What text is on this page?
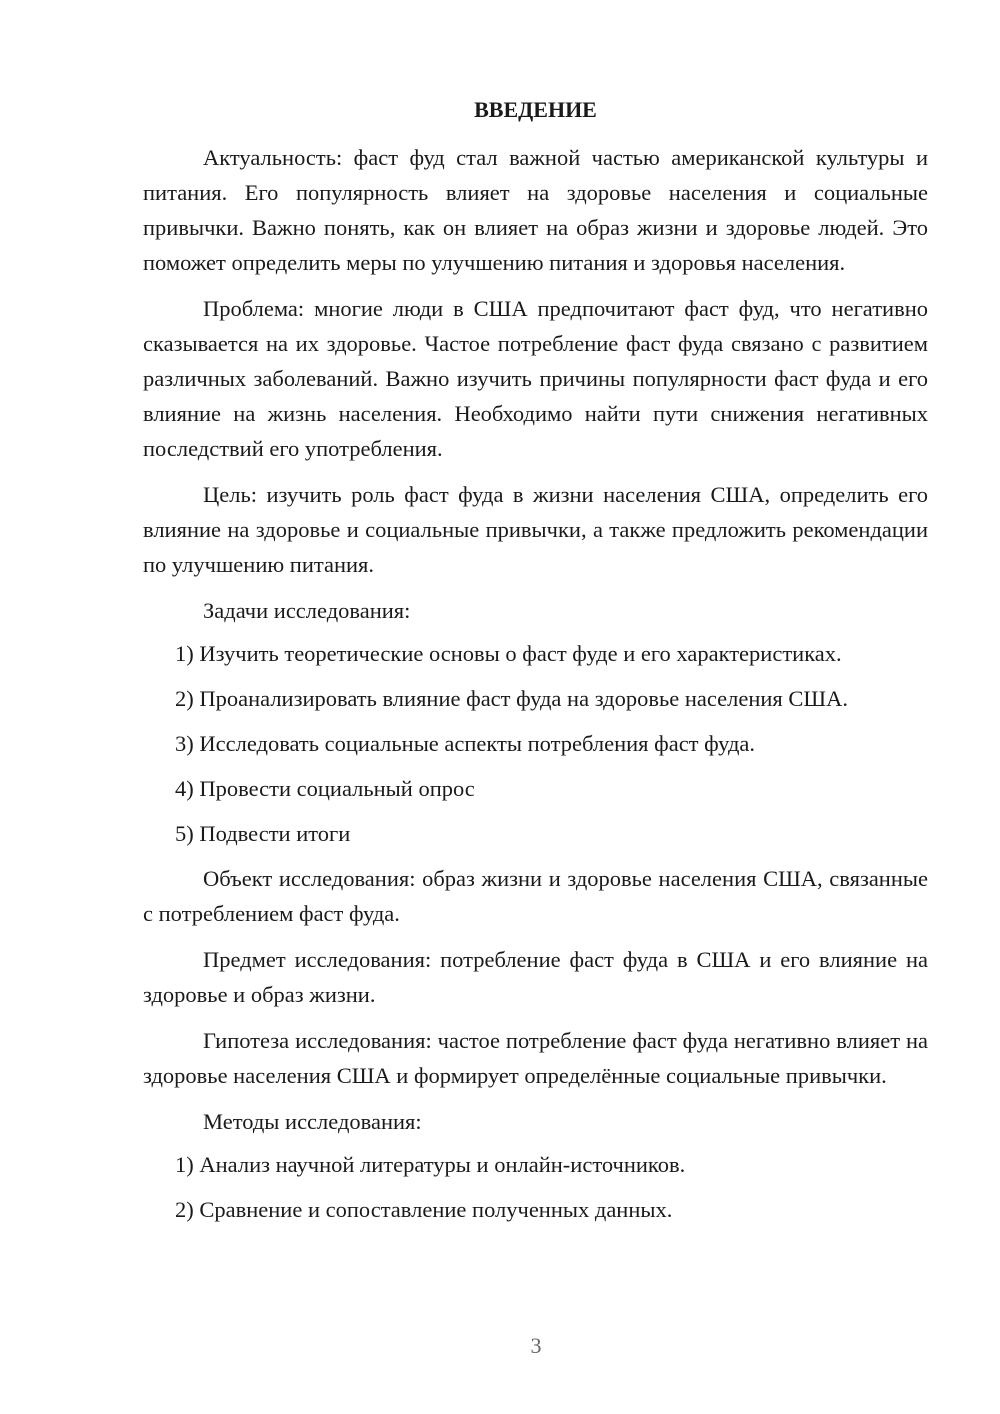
ВВЕДЕНИЕ

Актуальность: фаст фуд стал важной частью американской культуры и питания. Его популярность влияет на здоровье населения и социальные привычки. Важно понять, как он влияет на образ жизни и здоровье людей. Это поможет определить меры по улучшению питания и здоровья населения.

Проблема: многие люди в США предпочитают фаст фуд, что негативно сказывается на их здоровье. Частое потребление фаст фуда связано с развитием различных заболеваний. Важно изучить причины популярности фаст фуда и его влияние на жизнь населения. Необходимо найти пути снижения негативных последствий его употребления.

Цель: изучить роль фаст фуда в жизни населения США, определить его влияние на здоровье и социальные привычки, а также предложить рекомендации по улучшению питания.

Задачи исследования:

1) Изучить теоретические основы о фаст фуде и его характеристиках.
2) Проанализировать влияние фаст фуда на здоровье населения США.
3) Исследовать социальные аспекты потребления фаст фуда.
4) Провести социальный опрос
5) Подвести итоги

Объект исследования: образ жизни и здоровье населения США, связанные с потреблением фаст фуда.

Предмет исследования: потребление фаст фуда в США и его влияние на здоровье и образ жизни.

Гипотеза исследования: частое потребление фаст фуда негативно влияет на здоровье населения США и формирует определённые социальные привычки.

Методы исследования:

1) Анализ научной литературы и онлайн-источников.
2) Сравнение и сопоставление полученных данных.
3
